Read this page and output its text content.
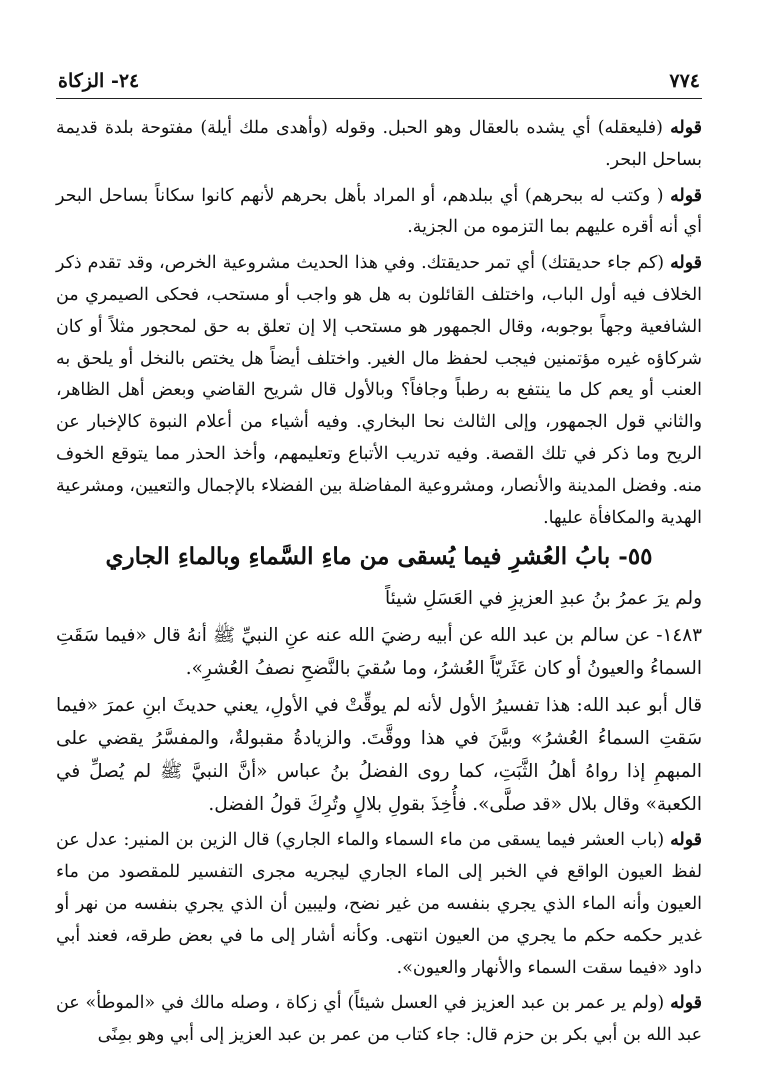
٧٧٤
٢٤- الزكاة

قوله (فليعقله) أي يشده بالعقال وهو الحبل. وقوله (وأهدى ملك أيلة) مفتوحة بلدة قديمة بساحل البحر.

قوله ( وكتب له ببحرهم) أي ببلدهم، أو المراد بأهل بحرهم لأنهم كانوا سكاناً بساحل البحر أي أنه أقره عليهم بما التزموه من الجزية.

قوله (كم جاء حديقتك) أي تمر حديقتك. وفي هذا الحديث مشروعية الخرص، وقد تقدم ذكر الخلاف فيه أول الباب، واختلف القائلون به هل هو واجب أو مستحب، فحكى الصيمري من الشافعية وجهاً بوجوبه، وقال الجمهور هو مستحب إلا إن تعلق به حق لمحجور مثلاً أو كان شركاؤه غيره مؤتمنين فيجب لحفظ مال الغير. واختلف أيضاً هل يختص بالنخل أو يلحق به العنب أو يعم كل ما ينتفع به رطباً وجافاً؟ وبالأول قال شريح القاضي وبعض أهل الظاهر، والثاني قول الجمهور، وإلى الثالث نحا البخاري. وفيه أشياء من أعلام النبوة كالإخبار عن الريح وما ذكر في تلك القصة. وفيه تدريب الأتباع وتعليمهم، وأخذ الحذر مما يتوقع الخوف منه. وفضل المدينة والأنصار، ومشروعية المفاضلة بين الفضلاء بالإجمال والتعيين، ومشرعية الهدية والمكافأة عليها.

٥٥- بابُ العُشرِ فيما يُسقى من ماءِ السَّماءِ وبالماءِ الجاري

ولم يرَ عمرُ بنُ عبدِ العزيزِ في العَسَلِ شيئاً

١٤٨٣- عن سالم بن عبد الله عن أبيه رضيَ الله عنه عنِ النبيِّ ﷺ أنهُ قال «فيما سَقَتِ السماءُ والعيونُ أو كان عَثَريّاً العُشرُ، وما سُقيَ بالنَّضحِ نصفُ العُشرِ».

قال أبو عبد الله: هذا تفسيرُ الأول لأنه لم يوقِّتْ في الأولِ، يعني حديثَ ابنِ عمرَ «فيما سَقتِ السماءُ العُشرُ» وبيَّنَ في هذا ووقَّتَ. والزيادةُ مقبولةٌ، والمفسَّرُ يقضي على المبهمِ إذا رواهُ أهلُ الثَّبَتِ، كما روى الفضلُ بنُ عباس «أنَّ النبيَّ ﷺ لم يُصلِّ في الكعبة» وقال بلال «قد صلَّى». فأُخِذَ بقولِ بلالٍ وتُرِكَ قولُ الفضل.

قوله (باب العشر فيما يسقى من ماء السماء والماء الجاري) قال الزين بن المنير: عدل عن لفظ العيون الواقع في الخبر إلى الماء الجاري ليجريه مجرى التفسير للمقصود من ماء العيون وأنه الماء الذي يجري بنفسه من غير نضح، وليبين أن الذي يجري بنفسه من نهر أو غدير حكمه حكم ما يجري من العيون انتهى. وكأنه أشار إلى ما في بعض طرقه، فعند أبي داود «فيما سقت السماء والأنهار والعيون».

قوله (ولم ير عمر بن عبد العزيز في العسل شيئاً) أي زكاة ، وصله مالك في «الموطأ» عن عبد الله بن أبي بكر بن حزم قال: جاء كتاب من عمر بن عبد العزيز إلى أبي وهو بمِنًى
